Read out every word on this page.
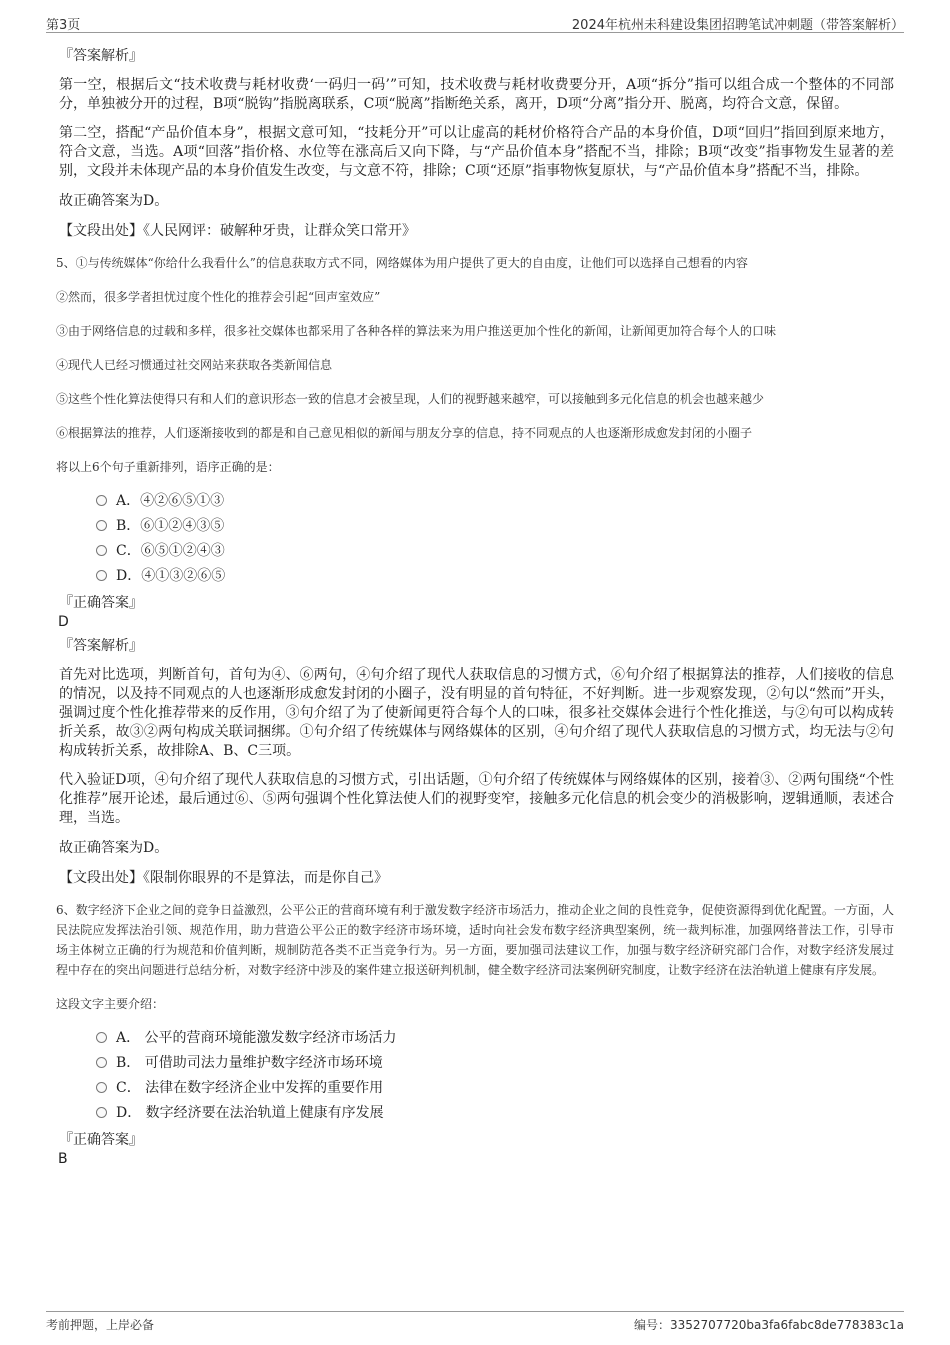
第3页	2024年杭州未科建设集团招聘笔试冲刺题（带答案解析）
『答案解析』
第一空，根据后文“技术收费与耗材收费‘一码归一码’”可知，技术收费与耗材收费要分开，A项“拆分”指可以组合成一个整体的不同部分，单独被分开的过程，B项“脱钩”指脱离联系，C项“脱离”指断绝关系，离开，D项“分离”指分开、脱离，均符合文意，保留。
第二空，搭配“产品价值本身”，根据文意可知，“技耗分开”可以让虚高的耗材价格符合产品的本身价值，D项“回归”指回到原来地方，符合文意，当选。A项“回落”指价格、水位等在涨高后又向下降，与“产品价值本身”搭配不当，排除；B项“改变”指事物发生显著的差别，文段并未体现产品的本身价值发生改变，与文意不符，排除；C项“还原”指事物恢复原状，与“产品价值本身”搭配不当，排除。
故正确答案为D。
【文段出处】《人民网评：破解种牙贵，让群众笑口常开》
5、①与传统媒体“你给什么我看什么”的信息获取方式不同，网络媒体为用户提供了更大的自由度，让他们可以选择自己想看的内容
②然而，很多学者担忧过度个性化的推荐会引起“回声室效应”
③由于网络信息的过载和多样，很多社交媒体也都采用了各种各样的算法来为用户推送更加个性化的新闻，让新闻更加符合每个人的口味
④现代人已经习惯通过社交网站来获取各类新闻信息
⑤这些个性化算法使得只有和人们的意识形态一致的信息才会被呈现，人们的视野越来越窄，可以接触到多元化信息的机会也越来越少
⑥根据算法的推荐，人们逐渐接收到的都是和自己意见相似的新闻与朋友分享的信息，持不同观点的人也逐渐形成愈发封闭的小圈子
将以上6个句子重新排列，语序正确的是：
A．④②⑥⑤①③
B．⑥①②④③⑤
C．⑥⑤①②④③
D．④①③②⑥⑤
『正确答案』
D
『答案解析』
首先对比选项，判断首句，首句为④、⑥两句，④句介绍了现代人获取信息的习惯方式，⑥句介绍了根据算法的推荐，人们接收的信息的情况，以及持不同观点的人也逐渐形成愈发封闭的小圈子，没有明显的首句特征，不好判断。进一步观察发现，②句以“然而”开头，强调过度个性化推荐带来的反作用，③句介绍了为了使新闻更符合每个人的口味，很多社交媒体会进行个性化推送，与②句可以构成转折关系，故③②两句构成关联词捆绑。①句介绍了传统媒体与网络媒体的区别，④句介绍了现代人获取信息的习惯方式，均无法与②句构成转折关系，故排除A、B、C三项。
代入验证D项，④句介绍了现代人获取信息的习惯方式，引出话题，①句介绍了传统媒体与网络媒体的区别，接着③、②两句围绕“个性化推荐”展开论述，最后通过⑥、⑤两句强调个性化算法使人们的视野变窄，接触多元化信息的机会变少的消极影响，逻辑通顺，表述合理，当选。
故正确答案为D。
【文段出处】《限制你眼界的不是算法，而是你自己》
6、数字经济下企业之间的竞争日益激烈，公平公正的营商环境有利于激发数字经济市场活力，推动企业之间的良性竞争，促使资源得到优化配置。一方面，人民法院应发挥法治引领、规范作用，助力营造公平公正的数字经济市场环境，适时向社会发布数字经济典型案例，统一裁判标准，加强网络普法工作，引导市场主体树立正确的行为规范和价值判断，规制防范各类不正当竞争行为。另一方面，要加强司法建议工作，加强与数字经济研究部门合作，对数字经济发展过程中存在的突出问题进行总结分析，对数字经济中涉及的案件建立报送研判机制，健全数字经济司法案例研究制度，让数字经济在法治轨道上健康有序发展。
这段文字主要介绍：
A． 公平的营商环境能激发数字经济市场活力
B． 可借助司法力量维护数字经济市场环境
C． 法律在数字经济企业中发挥的重要作用
D． 数字经济要在法治轨道上健康有序发展
『正确答案』
B
考前押题，上岸必备	编号：3352707720ba3fa6fabc8de778383c1a
